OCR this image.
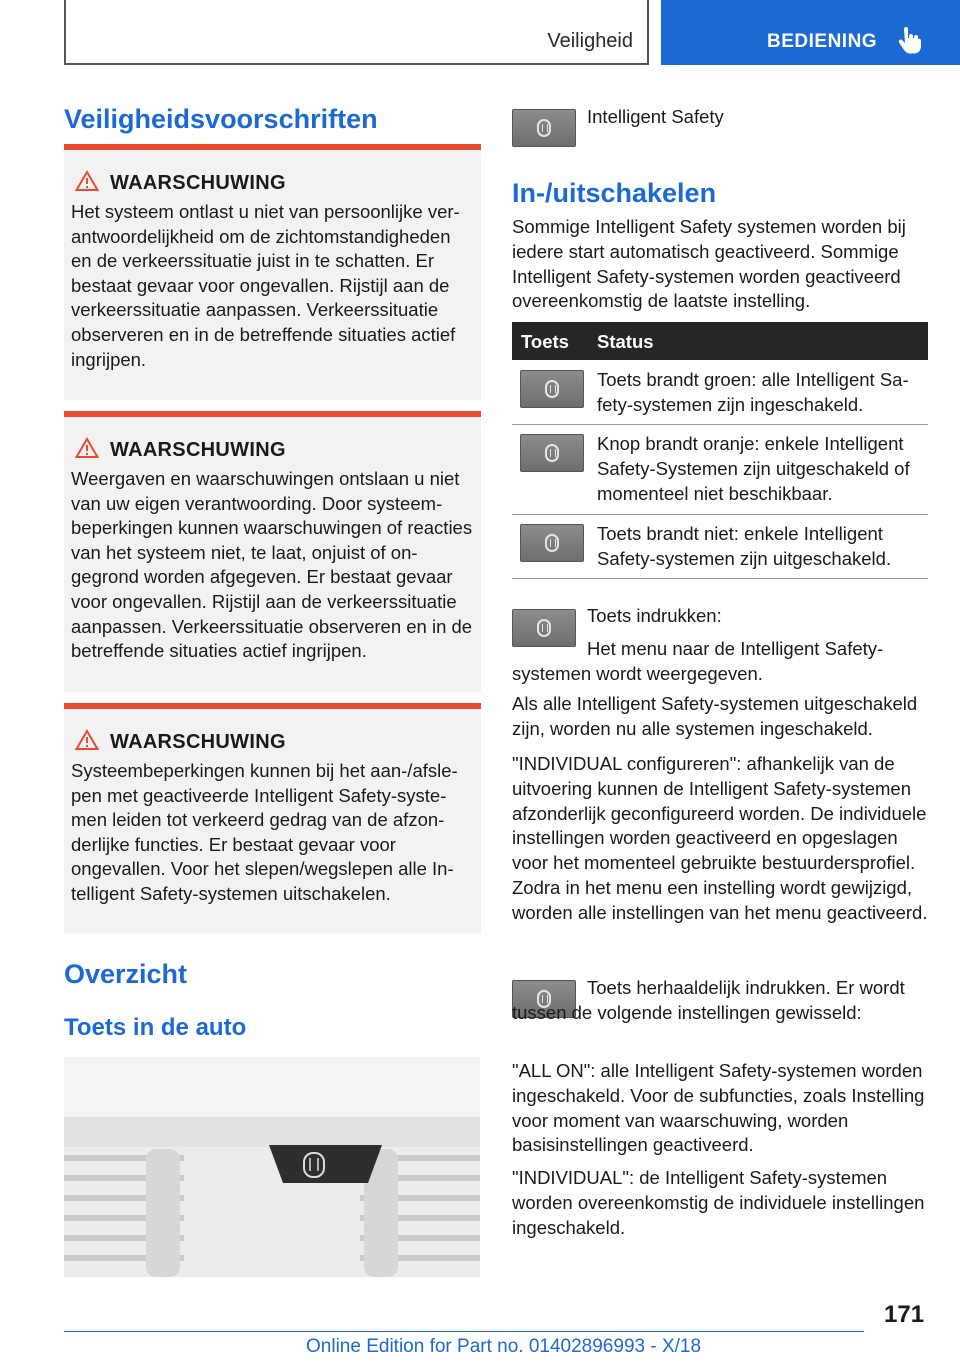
Veiligheid	BEDIENING
Veiligheidsvoorschriften
WAARSCHUWING
Het systeem ontlast u niet van persoonlijke verantwoordelijkheid om de zichtomstandigheden en de verkeerssituatie juist in te schatten. Er bestaat gevaar voor ongevallen. Rijstijl aan de verkeerssituatie aanpassen. Verkeerssituatie observeren en in de betreffende situaties actief ingrijpen.
WAARSCHUWING
Weergaven en waarschuwingen ontslaan u niet van uw eigen verantwoording. Door systeembeperkingen kunnen waarschuwingen of reacties van het systeem niet, te laat, onjuist of ongegrond worden afgegeven. Er bestaat gevaar voor ongevallen. Rijstijl aan de verkeerssituatie aanpassen. Verkeerssituatie observeren en in de betreffende situaties actief ingrijpen.
WAARSCHUWING
Systeembeperkingen kunnen bij het aan-/afslepen met geactiveerde Intelligent Safety-systemen leiden tot verkeerd gedrag van de afzonderlijke functies. Er bestaat gevaar voor ongevallen. Voor het slepen/wegslepen alle Intelligent Safety-systemen uitschakelen.
Overzicht
Toets in de auto
Intelligent Safety
In-/uitschakelen
Sommige Intelligent Safety systemen worden bij iedere start automatisch geactiveerd. Sommige Intelligent Safety-systemen worden geactiveerd overeenkomstig de laatste instelling.
Toets Status
Toets brandt groen: alle Intelligent Safety-systemen zijn ingeschakeld.
Knop brandt oranje: enkele Intelligent Safety-Systemen zijn uitgeschakeld of momenteel niet beschikbaar.
Toets brandt niet: enkele Intelligent Safety-systemen zijn uitgeschakeld.
Toets indrukken:
Het menu naar de Intelligent Safety-systemen wordt weergegeven.
Als alle Intelligent Safety-systemen uitgeschakeld zijn, worden nu alle systemen ingeschakeld.
"INDIVIDUAL configureren": afhankelijk van de uitvoering kunnen de Intelligent Safety-systemen afzonderlijk geconfigureerd worden. De individuele instellingen worden geactiveerd en opgeslagen voor het momenteel gebruikte bestuurdersprofiel. Zodra in het menu een instelling wordt gewijzigd, worden alle instellingen van het menu geactiveerd.
Toets herhaaldelijk indrukken. Er wordt tussen de volgende instellingen gewisseld:
"ALL ON": alle Intelligent Safety-systemen worden ingeschakeld. Voor de subfuncties, zoals Instelling voor moment van waarschuwing, worden basisinstellingen geactiveerd.
"INDIVIDUAL": de Intelligent Safety-systemen worden overeenkomstig de individuele instellingen ingeschakeld.
171
Online Edition for Part no. 01402896993 - X/18
